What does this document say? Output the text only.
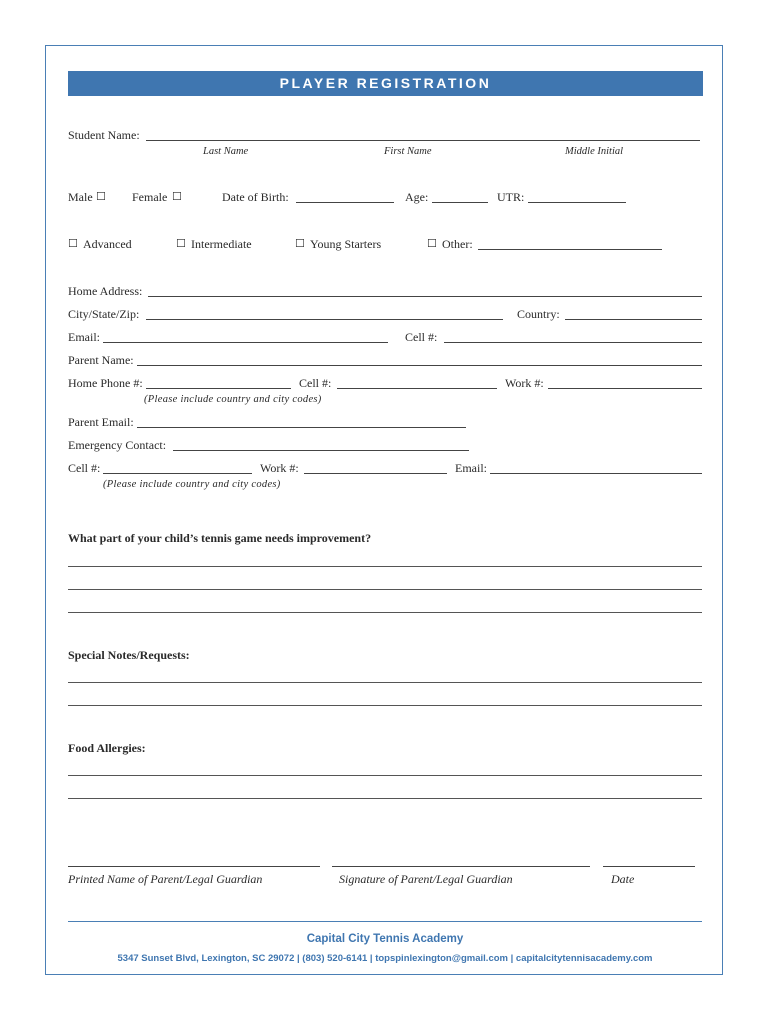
PLAYER REGISTRATION
Student Name:
Last Name	First Name	Middle Initial
Male ☐ Female ☐	Date of Birth:	Age:	UTR:
☐ Advanced	☐ Intermediate	☐ Young Starters	☐ Other:
Home Address:
City/State/Zip:	Country:
Email:	Cell #:
Parent Name:
Home Phone #:	Cell #:	Work #:
(Please include country and city codes)
Parent Email:
Emergency Contact:
Cell #:	Work #:	Email:
(Please include country and city codes)
What part of your child’s tennis game needs improvement?
Special Notes/Requests:
Food Allergies:
Printed Name of Parent/Legal Guardian	Signature of Parent/Legal Guardian	Date
Capital City Tennis Academy
5347 Sunset Blvd, Lexington, SC 29072 | (803) 520-6141 | topspinlexington@gmail.com | capitalcitytennisacademy.com
